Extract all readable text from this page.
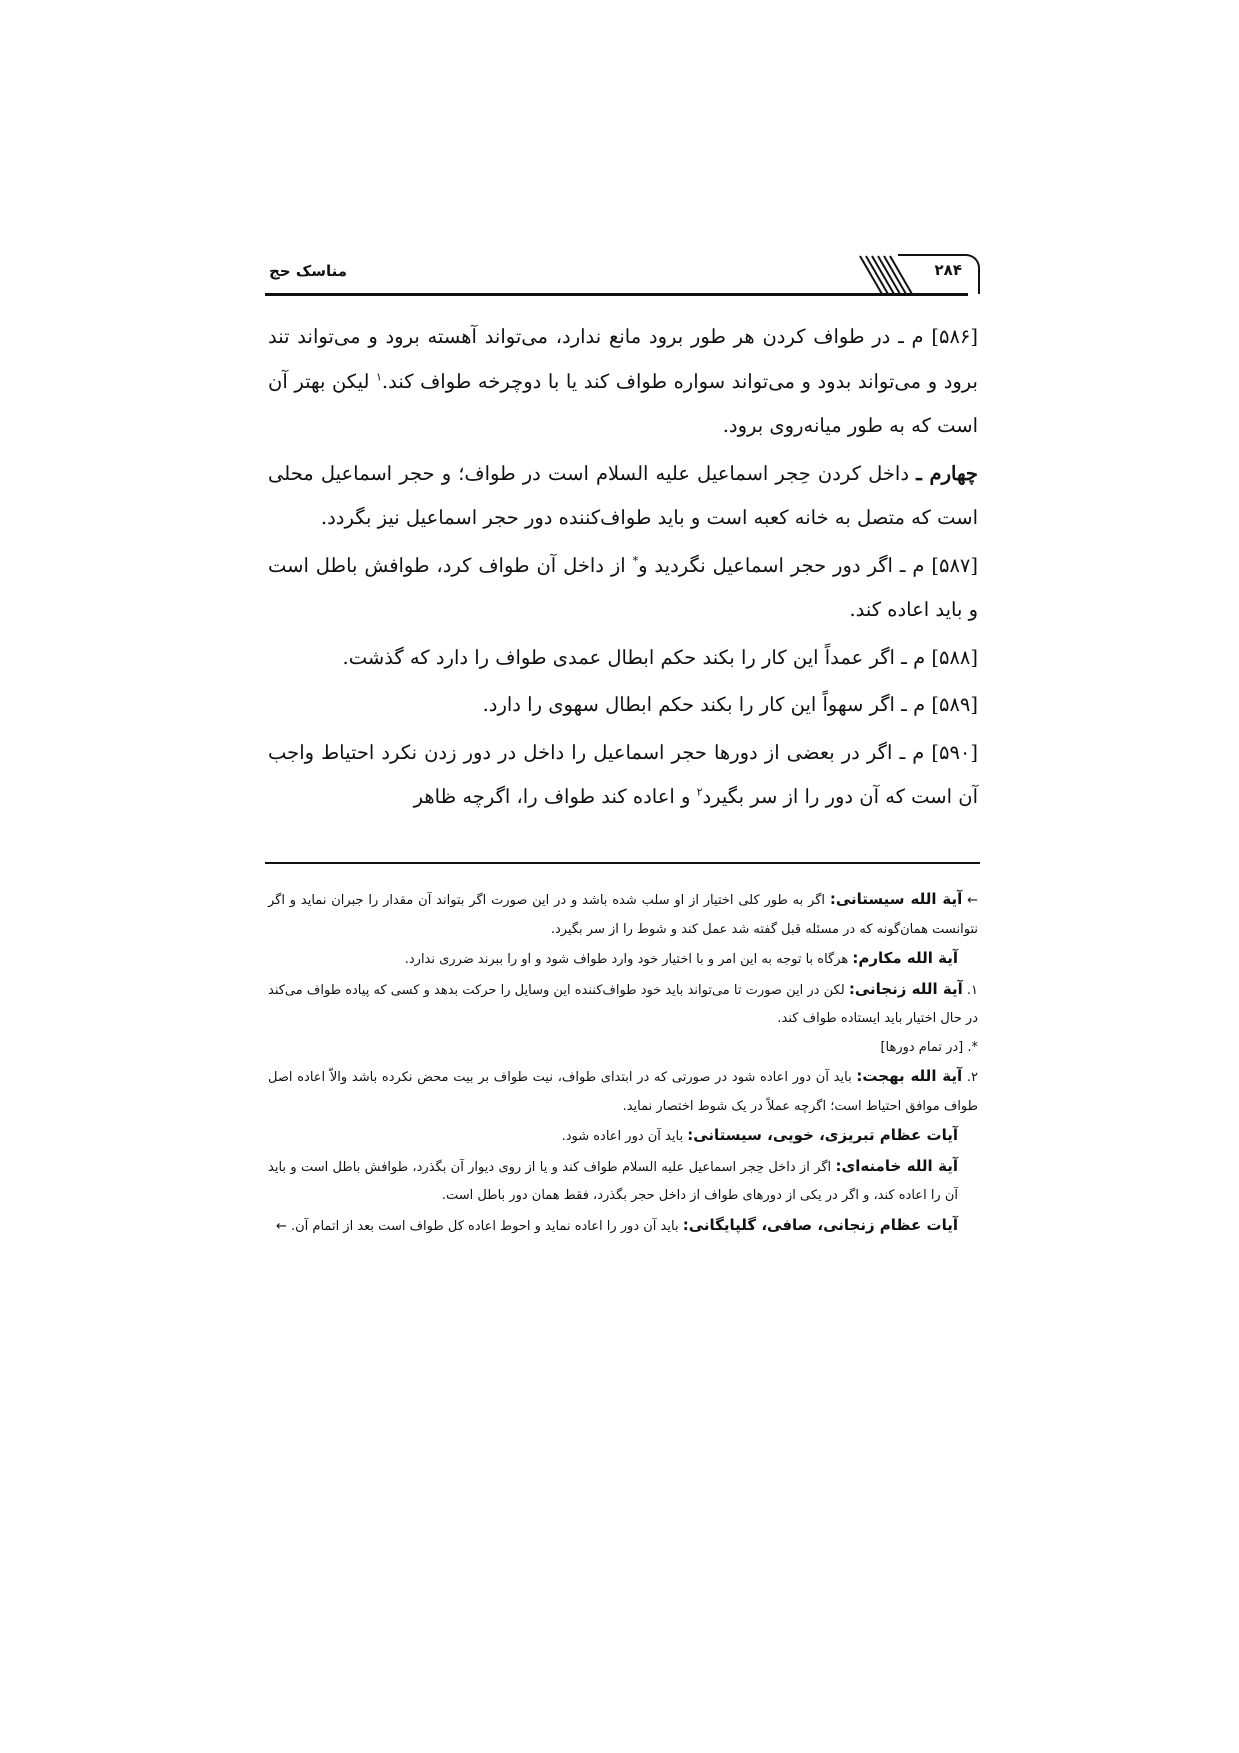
مناسک حج	۲۸۴

[۵۸۶] م ـ در طواف کردن هر طور برود مانع ندارد، می‌تواند آهسته برود و می‌تواند تند برود و می‌تواند بدود و می‌تواند سواره طواف کند یا با دوچرخه طواف کند.$^۱$ لیکن بهتر آن است که به طور میانه‌روی برود.

چهارم ـ داخل کردن حِجر اسماعیل علیه السلام است در طواف؛ و حجر اسماعیل محلی است که متصل به خانه کعبه است و باید طواف‌کننده دور حجر اسماعیل نیز بگردد.

[۵۸۷] م ـ اگر دور حجر اسماعیل نگردید و* از داخل آن طواف کرد، طوافش باطل است و باید اعاده کند.

[۵۸۸] م ـ اگر عمداً این کار را بکند حکم ابطال عمدی طواف را دارد که گذشت.

[۵۸۹] م ـ اگر سهواً این کار را بکند حکم ابطال سهوی را دارد.

[۵۹۰] م ـ اگر در بعضی از دورها حجر اسماعیل را داخل در دور زدن نکرد احتیاط واجب آن است که آن دور را از سر بگیرد$^۲$ و اعاده کند طواف را، اگرچه ظاهر

← آیة الله سیستانی: اگر به طور کلی اختیار از او سلب شده باشد و در این صورت اگر بتواند آن مقدار را جبران نماید و اگر نتوانست همان‌گونه که در مسئله قبل گفته شد عمل کند و شوط را از سر بگیرد.

آیة الله مکارم: هرگاه با توجه به این امر و با اختیار خود وارد طواف شود و او را ببرند ضرری ندارد.

۱. آیة الله زنجانی: لکن در این صورت تا می‌تواند باید خود طواف‌کننده این وسایل را حرکت بدهد و کسی که پیاده طواف می‌کند در حال اختیار باید ایستاده طواف کند.

*. [در تمام دورها]

۲. آیة الله بهجت: باید آن دور اعاده شود در صورتی که در ابتدای طواف، نیت طواف بر بیت محض نکرده باشد والاّ اعاده اصل طواف موافق احتیاط است؛ اگرچه عملاً در یک شوط اختصار نماید.

آیات عظام تبریزی، خویی، سیستانی: باید آن دور اعاده شود.

آیة الله خامنه‌ای: اگر از داخل حِجر اسماعیل علیه السلام طواف کند و یا از روی دیوار آن بگذرد، طوافش باطل است و باید آن را اعاده کند، و اگر در یکی از دورهای طواف از داخل حجر بگذرد، فقط همان دور باطل است.

آیات عظام زنجانی، صافی، گلپایگانی: باید آن دور را اعاده نماید و احوط اعاده کل طواف است بعد از اتمام آن. ←
